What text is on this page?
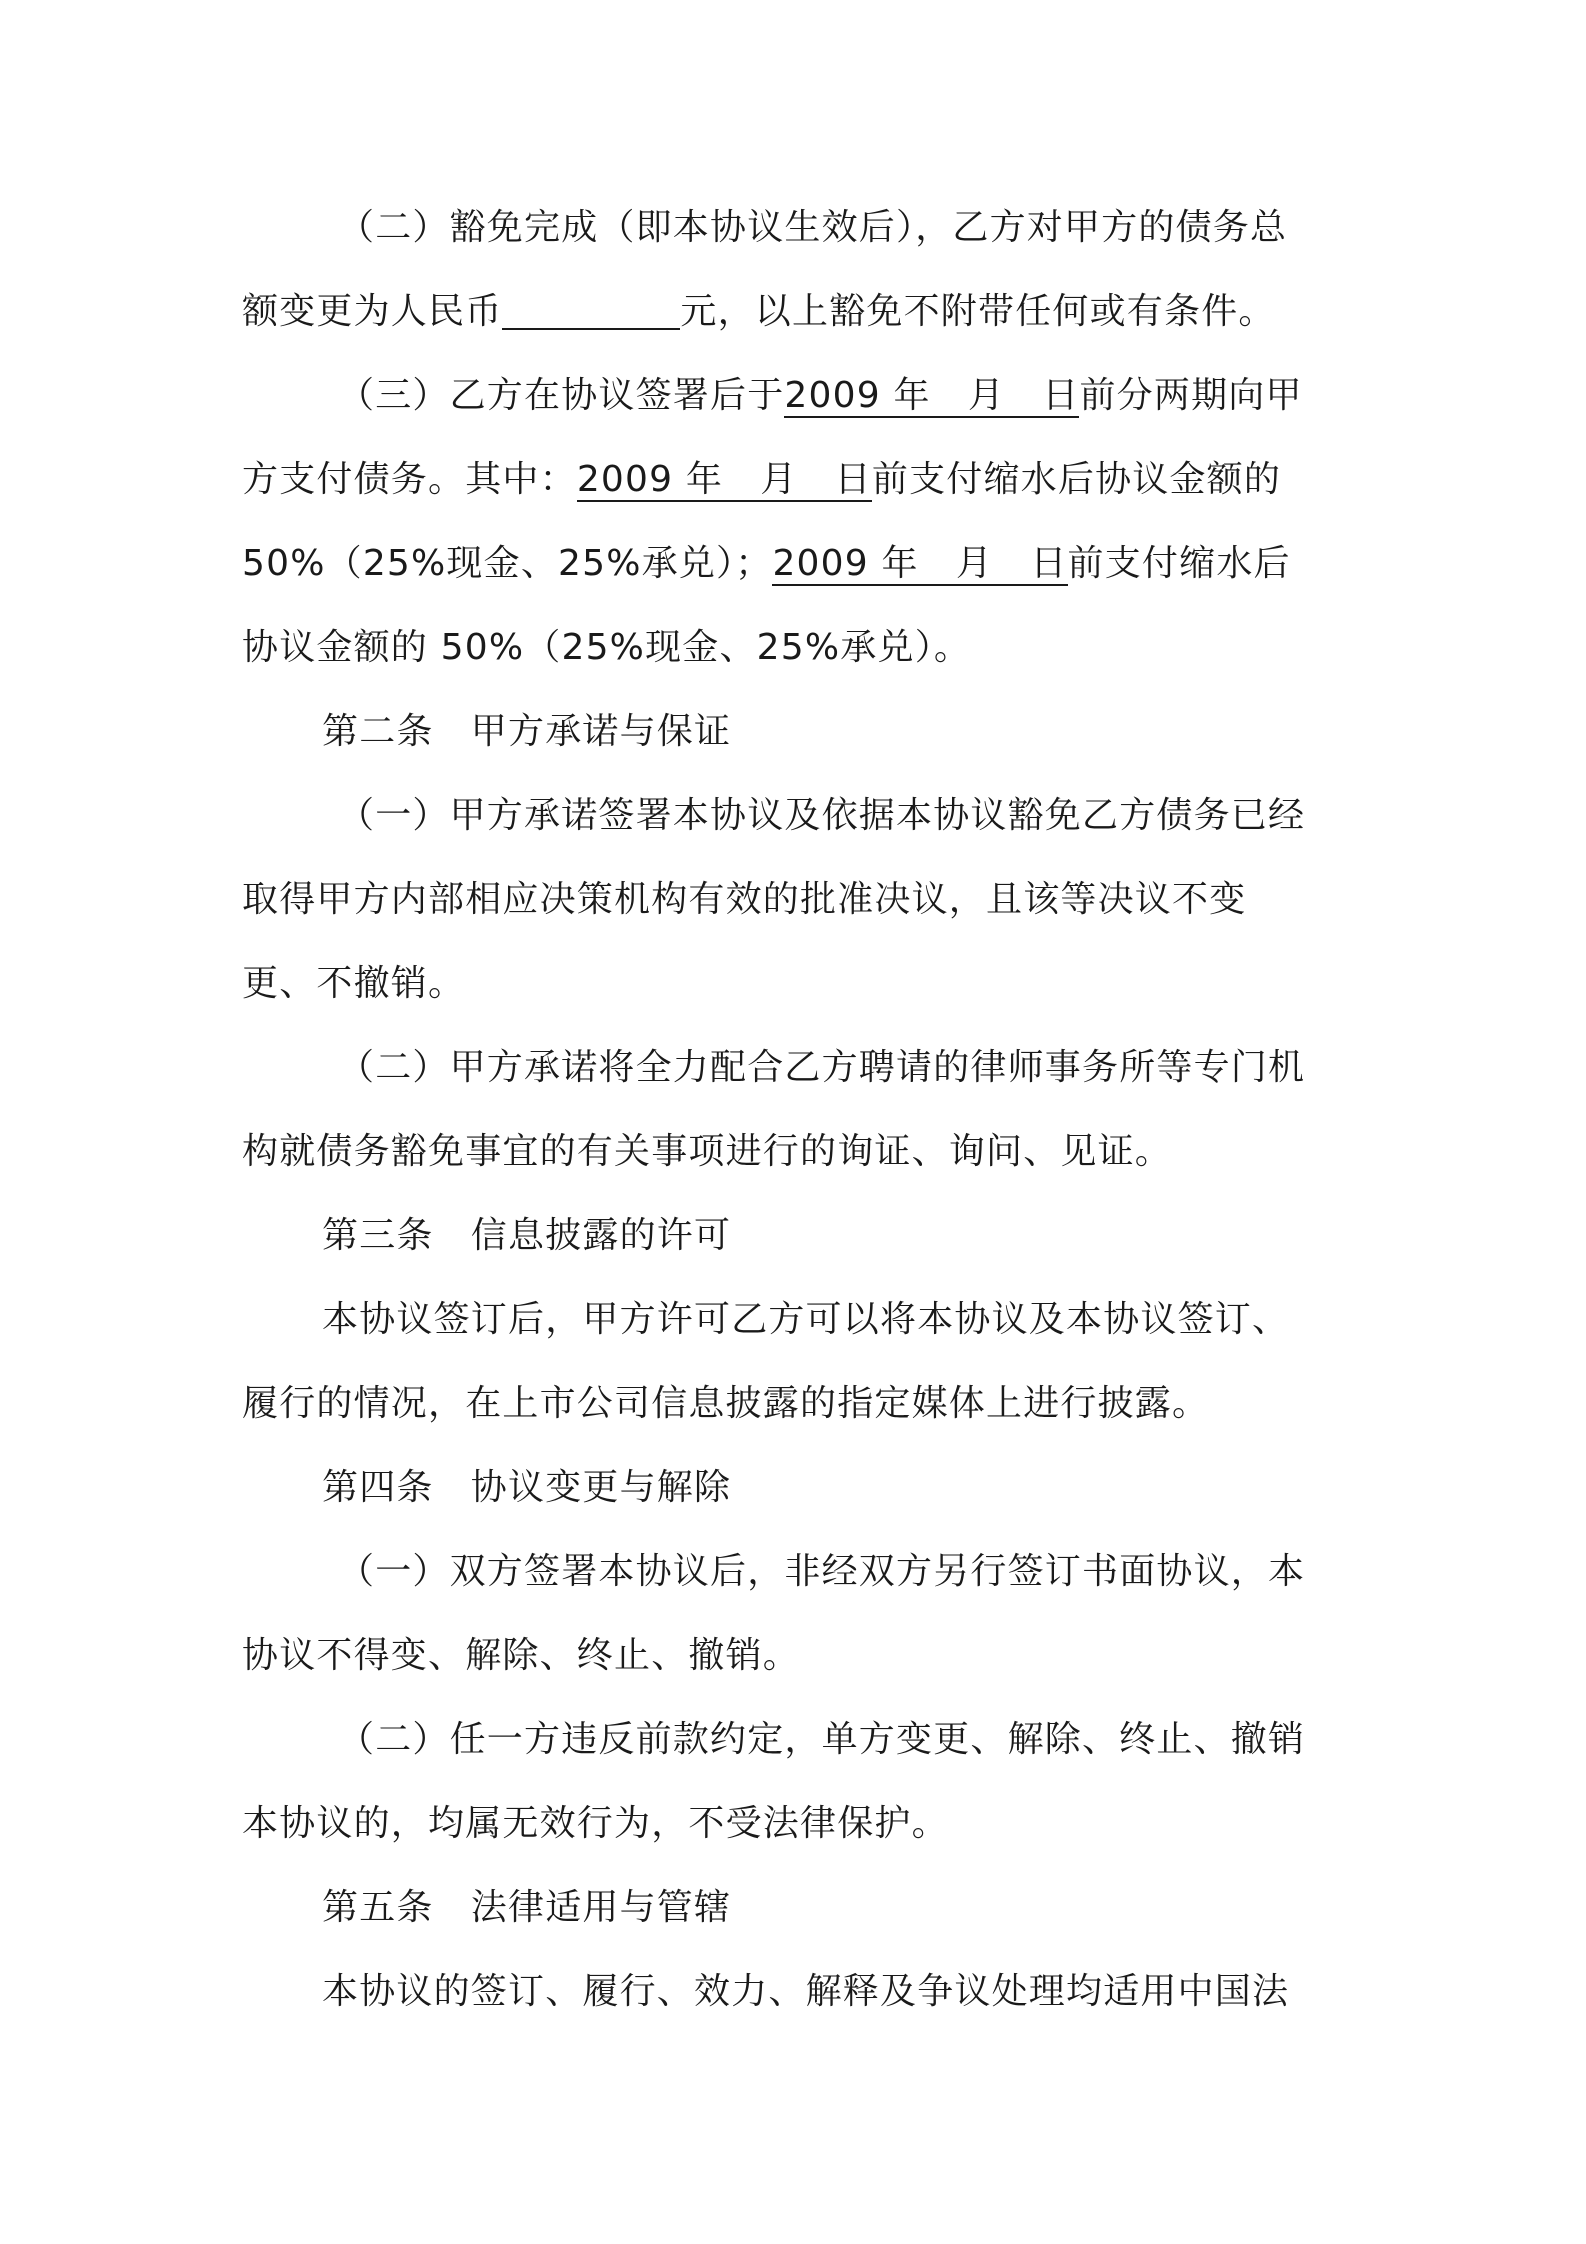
（二）豁免完成（即本协议生效后），乙方对甲方的债务总
额变更为人民币	元，以上豁免不附带任何或有条件。
（三）乙方在协议签署后于2009 年　月　日前分两期向甲
方支付债务。其中：2009 年　月　日前支付缩水后协议金额的
50%（25%现金、25%承兑）；2009 年　月　日前支付缩水后
协议金额的 50%（25%现金、25%承兑）。
第二条　甲方承诺与保证
（一）甲方承诺签署本协议及依据本协议豁免乙方债务已经
取得甲方内部相应决策机构有效的批准决议，且该等决议不变
更、不撤销。
（二）甲方承诺将全力配合乙方聘请的律师事务所等专门机
构就债务豁免事宜的有关事项进行的询证、询问、见证。
第三条　信息披露的许可
本协议签订后，甲方许可乙方可以将本协议及本协议签订、
履行的情况，在上市公司信息披露的指定媒体上进行披露。
第四条　协议变更与解除
（一）双方签署本协议后，非经双方另行签订书面协议，本
协议不得变、解除、终止、撤销。
（二）任一方违反前款约定，单方变更、解除、终止、撤销
本协议的，均属无效行为，不受法律保护。
第五条　法律适用与管辖
本协议的签订、履行、效力、解释及争议处理均适用中国法
